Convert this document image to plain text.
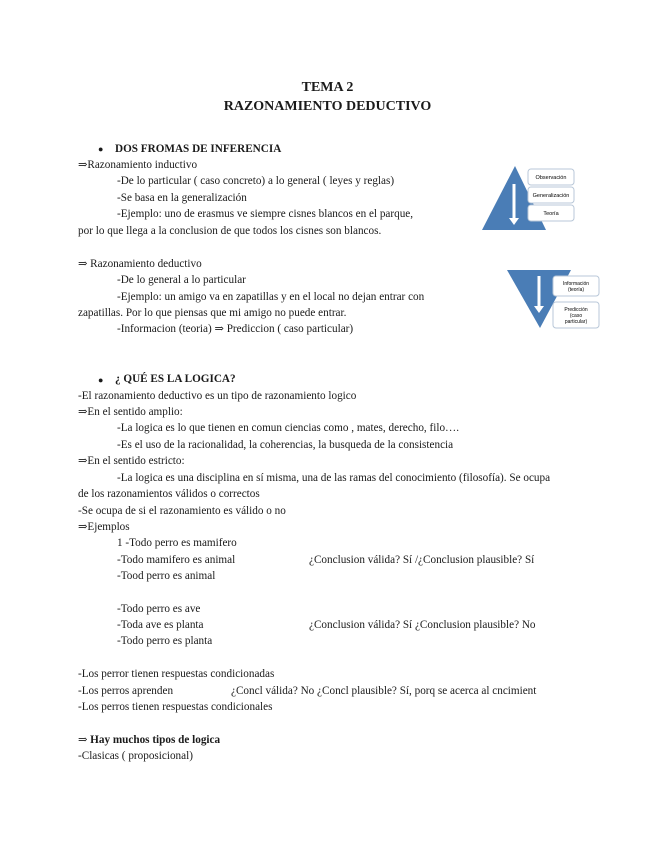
TEMA 2
RAZONAMIENTO DEDUCTIVO
● DOS FROMAS DE INFERENCIA
⇒Razonamiento inductivo
-De lo particular ( caso concreto) a lo general ( leyes y reglas)
-Se basa en la generalización
-Ejemplo: uno de erasmus ve siempre cisnes blancos en el parque,
por lo que llega a la conclusion de que todos los cisnes son blancos.
⇒ Razonamiento deductivo
-De lo general a lo particular
-Ejemplo: un amigo va en zapatillas y en el local no dejan entrar con
zapatillas. Por lo que piensas que mi amigo no puede entrar.
-Informacion (teoria) ⇒ Prediccion ( caso particular)
Observación
Generalización
Teoría
Información
(teoría)
Predicción
(caso
particular)
● ¿ QUÉ ES LA LOGICA?
-El razonamiento deductivo es un tipo de razonamiento logico
⇒En el sentido amplio:
-La logica es lo que tienen en comun ciencias como , mates, derecho, filo….
-Es el uso de la racionalidad, la coherencias, la busqueda de la consistencia
⇒En el sentido estricto:
-La logica es una disciplina en sí misma, una de las ramas del conocimiento (filosofía). Se ocupa
de los razonamientos válidos o correctos
-Se ocupa de si el razonamiento es válido o no
⇒Ejemplos
1 -Todo perro es mamifero
-Todo mamifero es animal	¿Conclusion válida? Sí /¿Conclusion plausible? Sí
-Tood perro es animal
-Todo perro es ave
-Toda ave es planta	¿Conclusion válida? Sí ¿Conclusion plausible? No
-Todo perro es planta
-Los perror tienen respuestas condicionadas
-Los perros aprenden	¿Concl válida? No ¿Concl plausible? Sí, porq se acerca al cncimient
-Los perros tienen respuestas condicionales
⇒ Hay muchos tipos de logica
-Clasicas ( proposicional)
